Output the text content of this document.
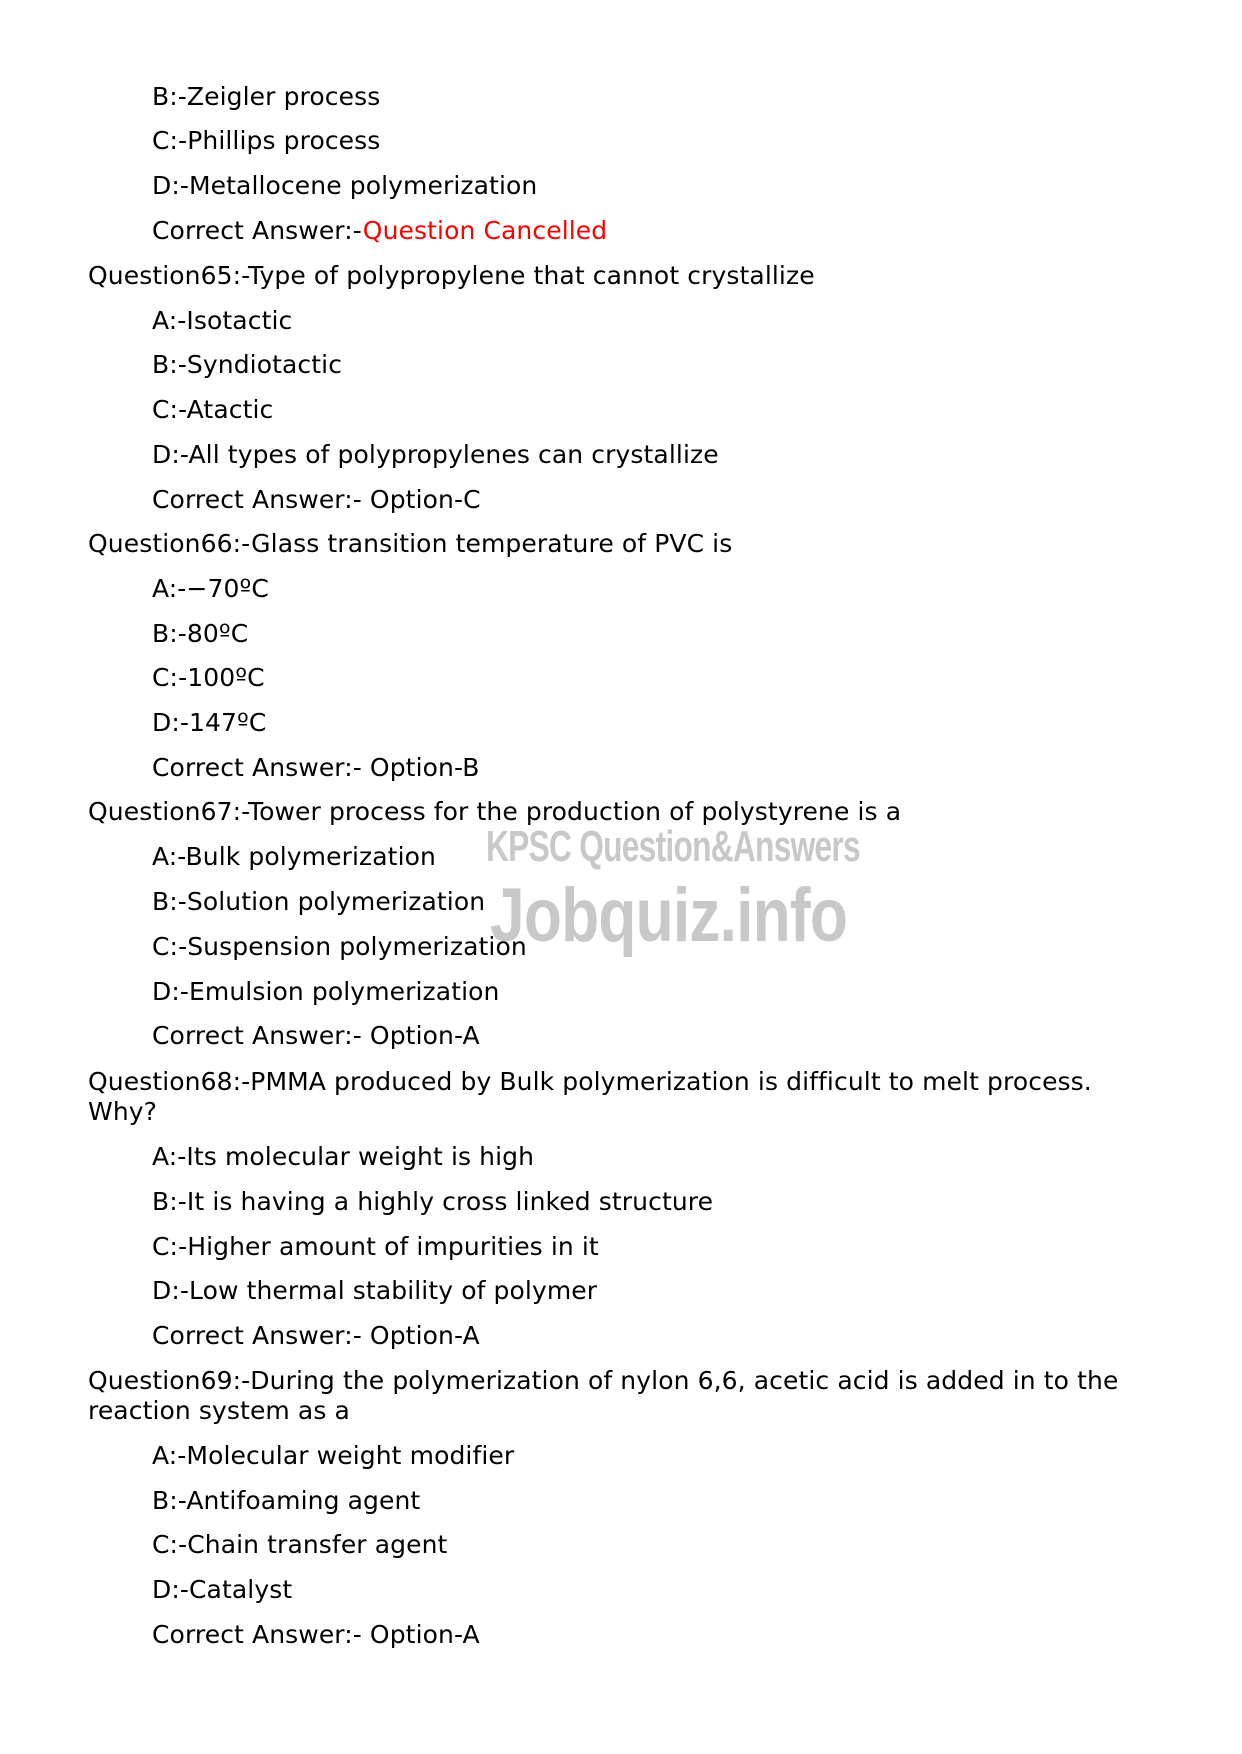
KPSC Question&Answers
Jobquiz.info
B:-Zeigler process
C:-Phillips process
D:-Metallocene polymerization
Correct Answer:-Question Cancelled
Question65:-Type of polypropylene that cannot crystallize
A:-Isotactic
B:-Syndiotactic
C:-Atactic
D:-All types of polypropylenes can crystallize
Correct Answer:- Option-C
Question66:-Glass transition temperature of PVC is
A:-−70ºC
B:-80ºC
C:-100ºC
D:-147ºC
Correct Answer:- Option-B
Question67:-Tower process for the production of polystyrene is a
A:-Bulk polymerization
B:-Solution polymerization
C:-Suspension polymerization
D:-Emulsion polymerization
Correct Answer:- Option-A
Question68:-PMMA produced by Bulk polymerization is difficult to melt process. Why?
A:-Its molecular weight is high
B:-It is having a highly cross linked structure
C:-Higher amount of impurities in it
D:-Low thermal stability of polymer
Correct Answer:- Option-A
Question69:-During the polymerization of nylon 6,6, acetic acid is added in to the reaction system as a
A:-Molecular weight modifier
B:-Antifoaming agent
C:-Chain transfer agent
D:-Catalyst
Correct Answer:- Option-A
